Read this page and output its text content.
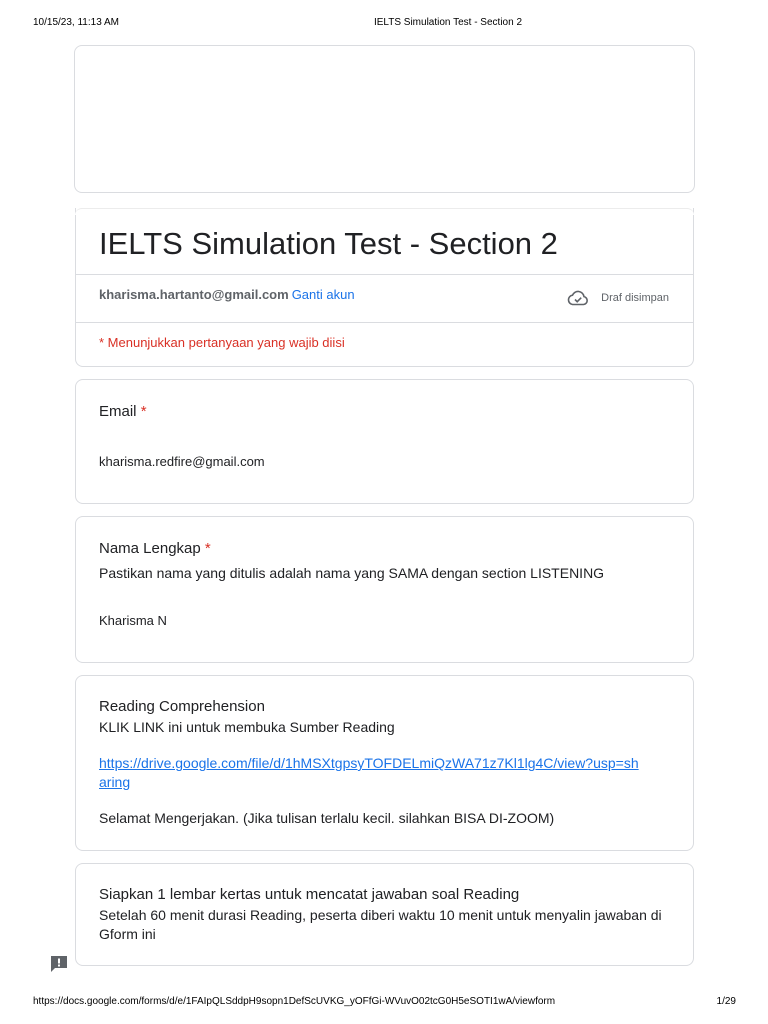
10/15/23, 11:13 AM	IELTS Simulation Test - Section 2
IELTS Simulation Test - Section 2
kharisma.hartanto@gmail.com Ganti akun	Draf disimpan
* Menunjukkan pertanyaan yang wajib diisi
Email *
kharisma.redfire@gmail.com
Nama Lengkap *
Pastikan nama yang ditulis adalah nama yang SAMA dengan section LISTENING
Kharisma N
Reading Comprehension
KLIK LINK ini untuk membuka Sumber Reading
https://drive.google.com/file/d/1hMSXtgpsyTOFDELmiQzWA71z7Kl1lg4C/view?usp=sharing
Selamat Mengerjakan. (Jika tulisan terlalu kecil. silahkan BISA DI-ZOOM)
Siapkan 1 lembar kertas untuk mencatat jawaban soal Reading
Setelah 60 menit durasi Reading, peserta diberi waktu 10 menit untuk menyalin jawaban di Gform ini
https://docs.google.com/forms/d/e/1FAIpQLSddpH9sopn1DefScUVKG_yOFfGi-WVuvO02tcG0H5eSOTI1wA/viewform	1/29
